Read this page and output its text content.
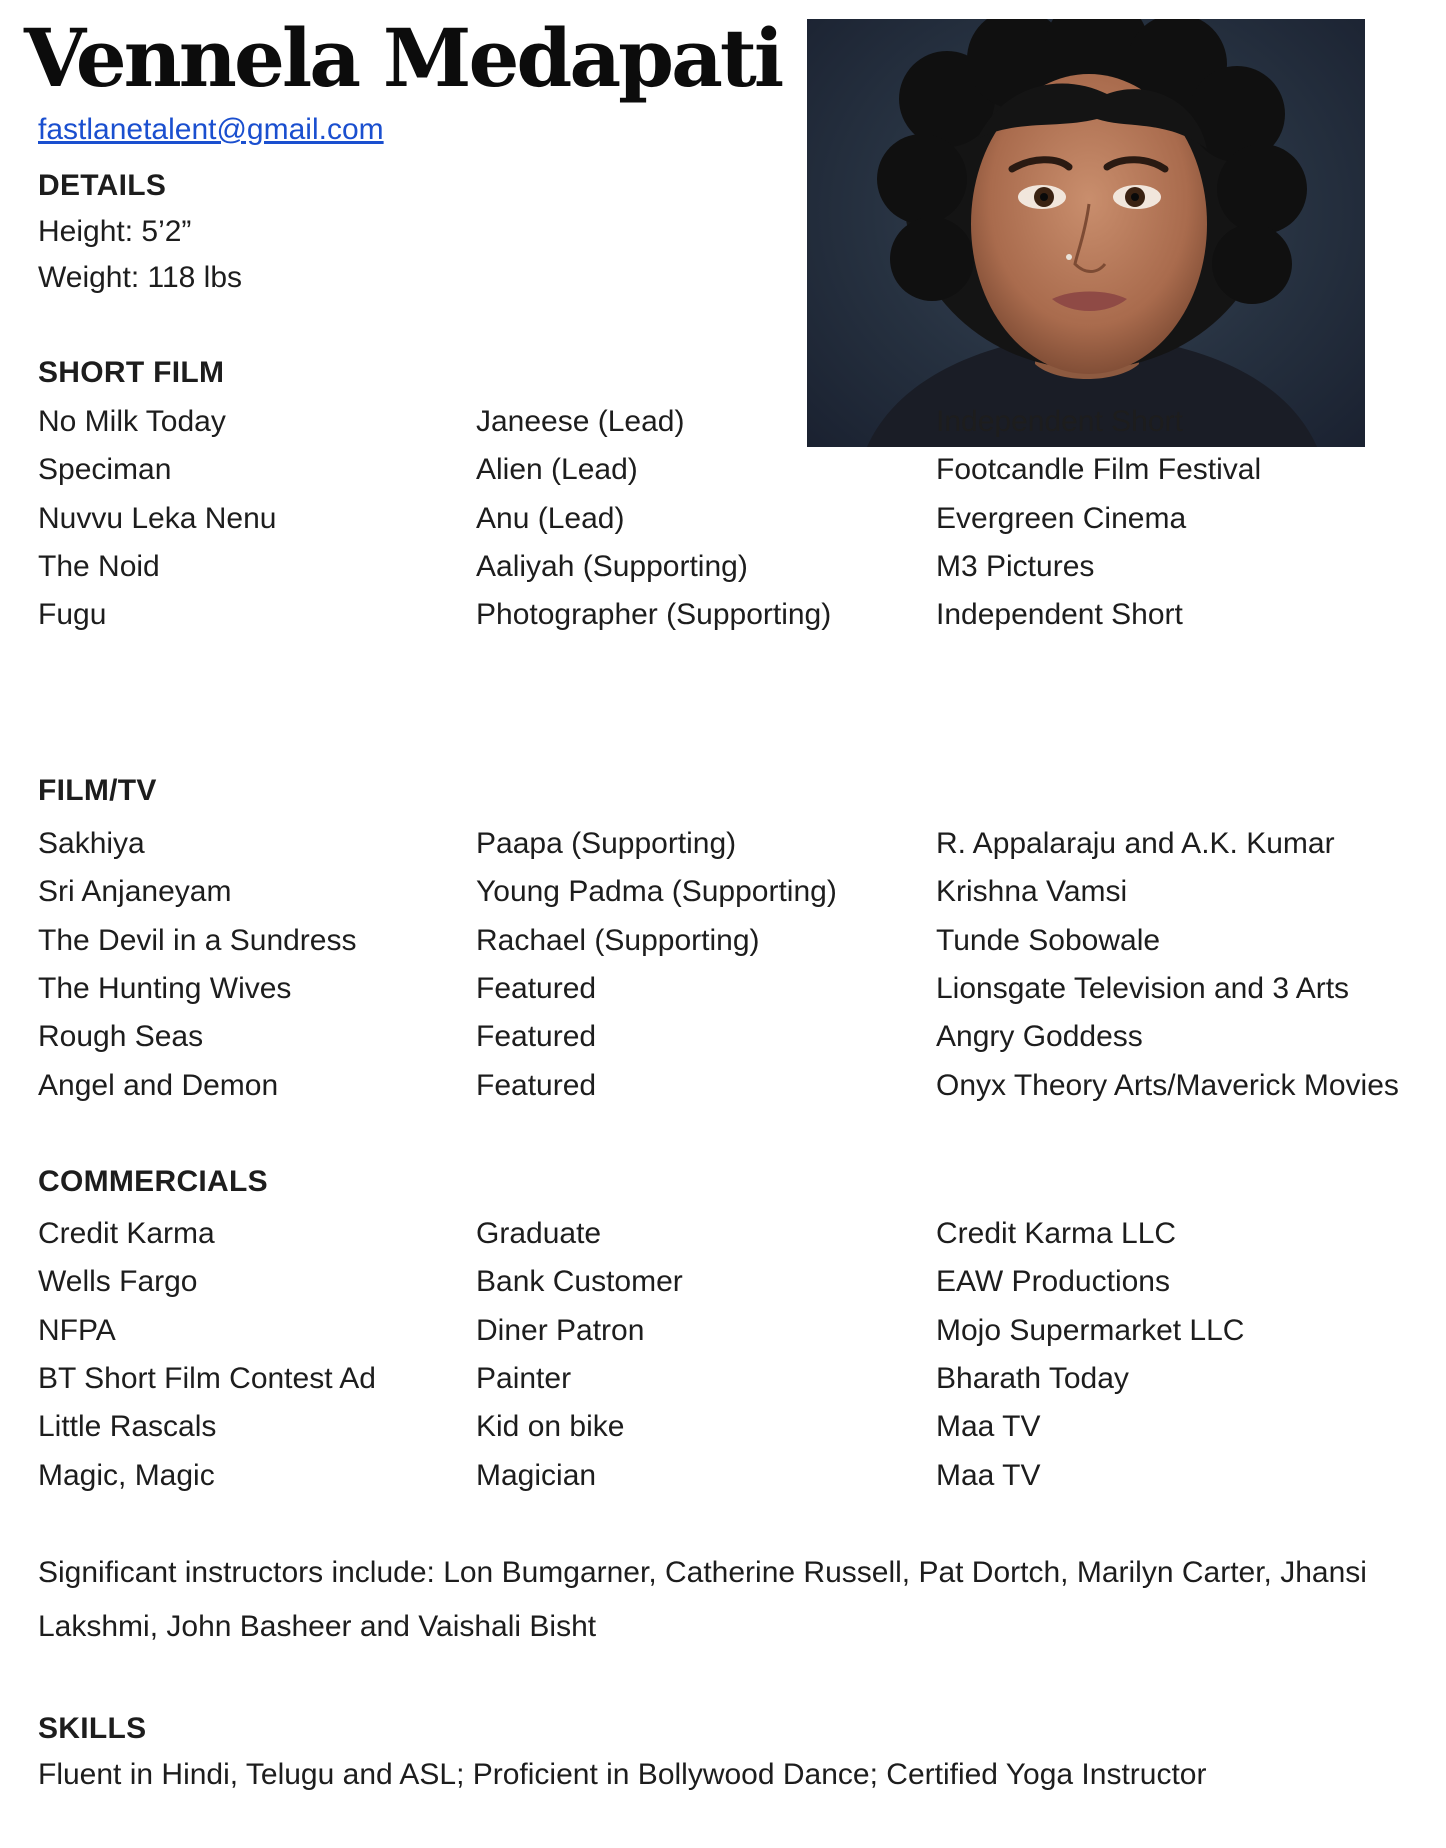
Vennela Medapati
fastlanetalent@gmail.com
DETAILS
Height: 5’2”
Weight: 118 lbs
SHORT FILM
No Milk Today	Janeese (Lead)	Independent Short
Speciman	Alien (Lead)	Footcandle Film Festival
Nuvvu Leka Nenu	Anu (Lead)	Evergreen Cinema
The Noid	Aaliyah (Supporting)	M3 Pictures
Fugu	Photographer (Supporting)	Independent Short
FILM/TV
Sakhiya	Paapa (Supporting)	R. Appalaraju and A.K. Kumar
Sri Anjaneyam	Young Padma (Supporting)	Krishna Vamsi
The Devil in a Sundress	Rachael (Supporting)	Tunde Sobowale
The Hunting Wives	Featured	Lionsgate Television and 3 Arts
Rough Seas	Featured	Angry Goddess
Angel and Demon	Featured	Onyx Theory Arts/Maverick Movies
COMMERCIALS
Credit Karma	Graduate	Credit Karma LLC
Wells Fargo	Bank Customer	EAW Productions
NFPA	Diner Patron	Mojo Supermarket LLC
BT Short Film Contest Ad	Painter	Bharath Today
Little Rascals	Kid on bike	Maa TV
Magic, Magic	Magician	Maa TV
Significant instructors include: Lon Bumgarner, Catherine Russell, Pat Dortch, Marilyn Carter, Jhansi Lakshmi, John Basheer and Vaishali Bisht
SKILLS
Fluent in Hindi, Telugu and ASL; Proficient in Bollywood Dance; Certified Yoga Instructor
